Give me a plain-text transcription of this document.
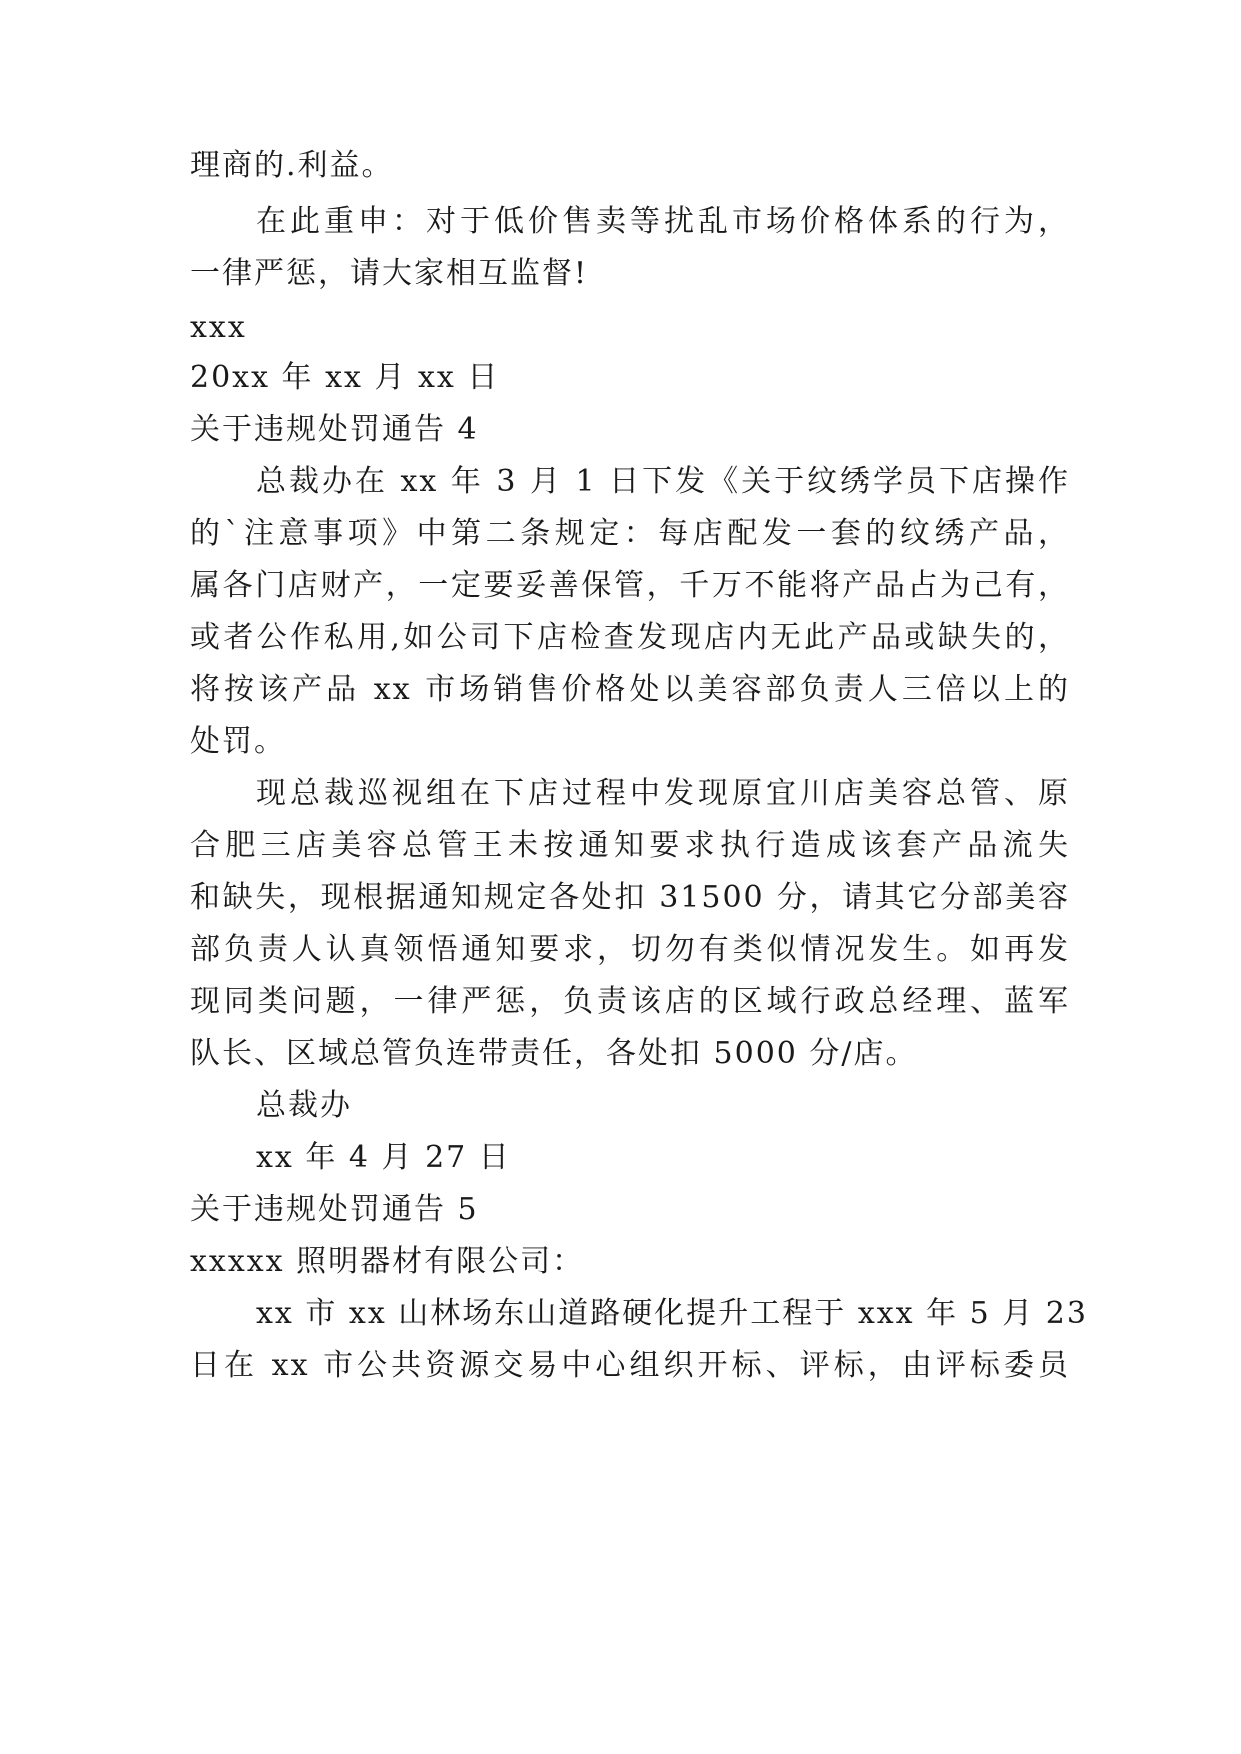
理商的.利益。
在此重申：对于低价售卖等扰乱市场价格体系的行为，
一律严惩，请大家相互监督!
xxx
20xx 年 xx 月 xx 日
关于违规处罚通告 4
总裁办在 xx 年 3 月 1 日下发《关于纹绣学员下店操作
的`注意事项》中第二条规定：每店配发一套的纹绣产品，
属各门店财产，一定要妥善保管，千万不能将产品占为己有，
或者公作私用,如公司下店检查发现店内无此产品或缺失的，
将按该产品 xx 市场销售价格处以美容部负责人三倍以上的
处罚。
现总裁巡视组在下店过程中发现原宜川店美容总管、原
合肥三店美容总管王未按通知要求执行造成该套产品流失
和缺失，现根据通知规定各处扣 31500 分，请其它分部美容
部负责人认真领悟通知要求，切勿有类似情况发生。如再发
现同类问题，一律严惩，负责该店的区域行政总经理、蓝军
队长、区域总管负连带责任，各处扣 5000 分/店。
总裁办
xx 年 4 月 27 日
关于违规处罚通告 5
xxxxx 照明器材有限公司：
xx 市 xx 山林场东山道路硬化提升工程于 xxx 年 5 月 23
日在 xx 市公共资源交易中心组织开标、评标，由评标委员
